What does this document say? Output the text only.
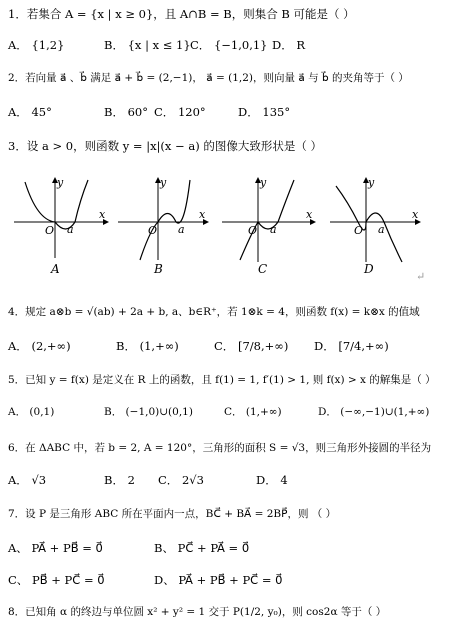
1．若集合 A = {x | x ≥ 0}，且 A∩B = B，则集合 B 可能是（ ）
A． {1,2}	B． {x | x ≤ 1} C． {−1,0,1} D． R
2．若向量 a⃗ 、b⃗ 满足 a⃗ + b⃗ = (2,−1)， a⃗ = (1,2)，则向量 a⃗ 与 b⃗ 的夹角等于（ ）
A． 45°	B． 60° C． 120°	D． 135°
3．设 a > 0，则函数 y = |x|(x − a) 的图像大致形状是（ ）
y
x
O a
y
x
O a
y
x
O a
y
x
O a
A	B	C	D
↵
4．规定 a⊗b = √(ab) + 2a + b, a、b∈R⁺，若 1⊗k = 4，则函数 f(x) = k⊗x 的值域
A． (2,+∞)	B． (1,+∞)	C． [7/8,+∞) D． [7/4,+∞)
5．已知 y = f(x) 是定义在 R 上的函数，且 f(1) = 1, f′(1) > 1, 则 f(x) > x 的解集是（ ）
A． (0,1)	B． (−1,0)∪(0,1)	C． (1,+∞)	D． (−∞,−1)∪(1,+∞)
6．在 ΔABC 中，若 b = 2, A = 120°，三角形的面积 S = √3，则三角形外接圆的半径为
A． √3	B． 2 C． 2√3	D． 4
7．设 P 是三角形 ABC 所在平面内一点，BC⃗ + BA⃗ = 2BP⃗，则 （ ）
A、 PA⃗ + PB⃗ = 0⃗	B、 PC⃗ + PA⃗ = 0⃗
C、 PB⃗ + PC⃗ = 0⃗	D、 PA⃗ + PB⃗ + PC⃗ = 0⃗
8．已知角 α 的终边与单位圆 x² + y² = 1 交于 P(1/2, y₀)，则 cos2α 等于（ ）
